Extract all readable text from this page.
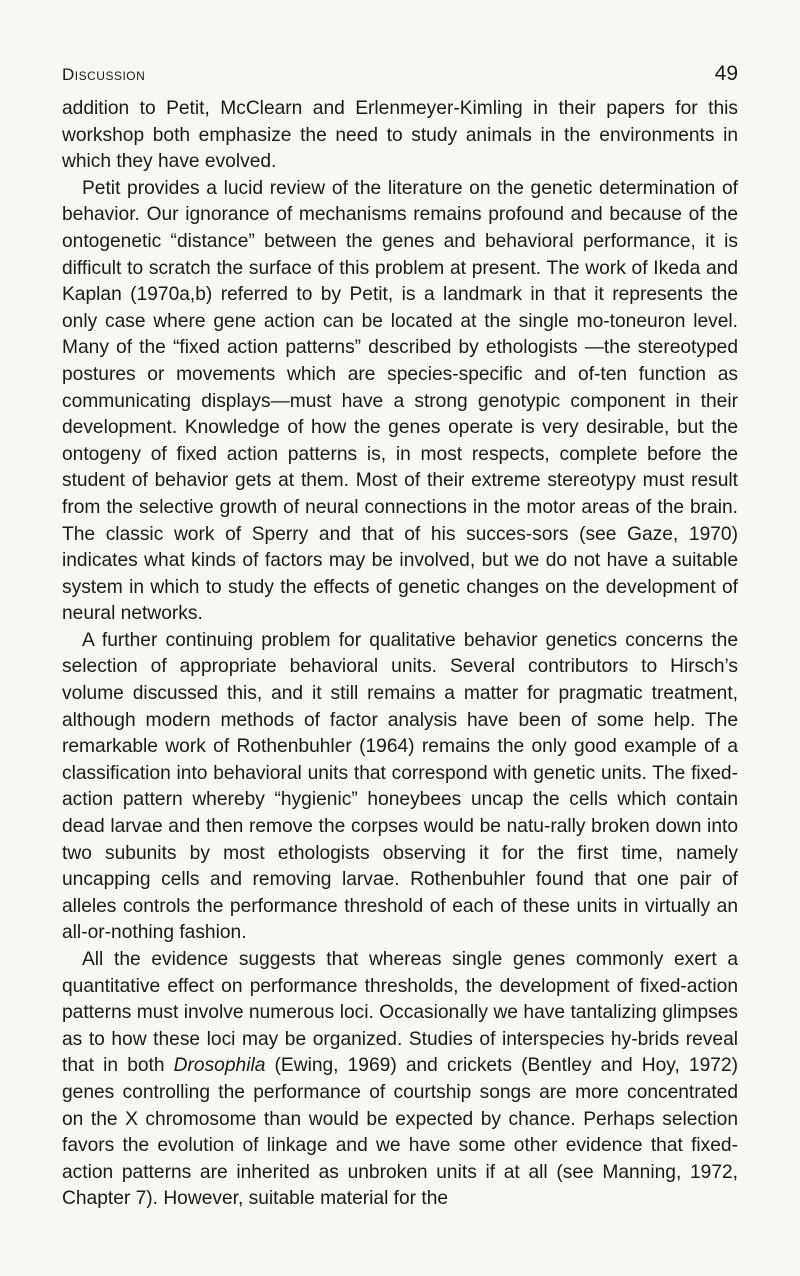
Discussion	49

addition to Petit, McClearn and Erlenmeyer-Kimling in their papers for this workshop both emphasize the need to study animals in the environments in which they have evolved.

Petit provides a lucid review of the literature on the genetic determination of behavior. Our ignorance of mechanisms remains profound and because of the ontogenetic “distance” between the genes and behavioral performance, it is difficult to scratch the surface of this problem at present. The work of Ikeda and Kaplan (1970a,b) referred to by Petit, is a landmark in that it represents the only case where gene action can be located at the single mo-toneuron level. Many of the “fixed action patterns” described by ethologists —the stereotyped postures or movements which are species-specific and of-ten function as communicating displays—must have a strong genotypic component in their development. Knowledge of how the genes operate is very desirable, but the ontogeny of fixed action patterns is, in most respects, complete before the student of behavior gets at them. Most of their extreme stereotypy must result from the selective growth of neural connections in the motor areas of the brain. The classic work of Sperry and that of his succes-sors (see Gaze, 1970) indicates what kinds of factors may be involved, but we do not have a suitable system in which to study the effects of genetic changes on the development of neural networks.

A further continuing problem for qualitative behavior genetics concerns the selection of appropriate behavioral units. Several contributors to Hirsch’s volume discussed this, and it still remains a matter for pragmatic treatment, although modern methods of factor analysis have been of some help. The remarkable work of Rothenbuhler (1964) remains the only good example of a classification into behavioral units that correspond with genetic units. The fixed-action pattern whereby “hygienic” honeybees uncap the cells which contain dead larvae and then remove the corpses would be natu-rally broken down into two subunits by most ethologists observing it for the first time, namely uncapping cells and removing larvae. Rothenbuhler found that one pair of alleles controls the performance threshold of each of these units in virtually an all-or-nothing fashion.

All the evidence suggests that whereas single genes commonly exert a quantitative effect on performance thresholds, the development of fixed-action patterns must involve numerous loci. Occasionally we have tantalizing glimpses as to how these loci may be organized. Studies of interspecies hy-brids reveal that in both Drosophila (Ewing, 1969) and crickets (Bentley and Hoy, 1972) genes controlling the performance of courtship songs are more concentrated on the X chromosome than would be expected by chance. Perhaps selection favors the evolution of linkage and we have some other evidence that fixed-action patterns are inherited as unbroken units if at all (see Manning, 1972, Chapter 7). However, suitable material for the
